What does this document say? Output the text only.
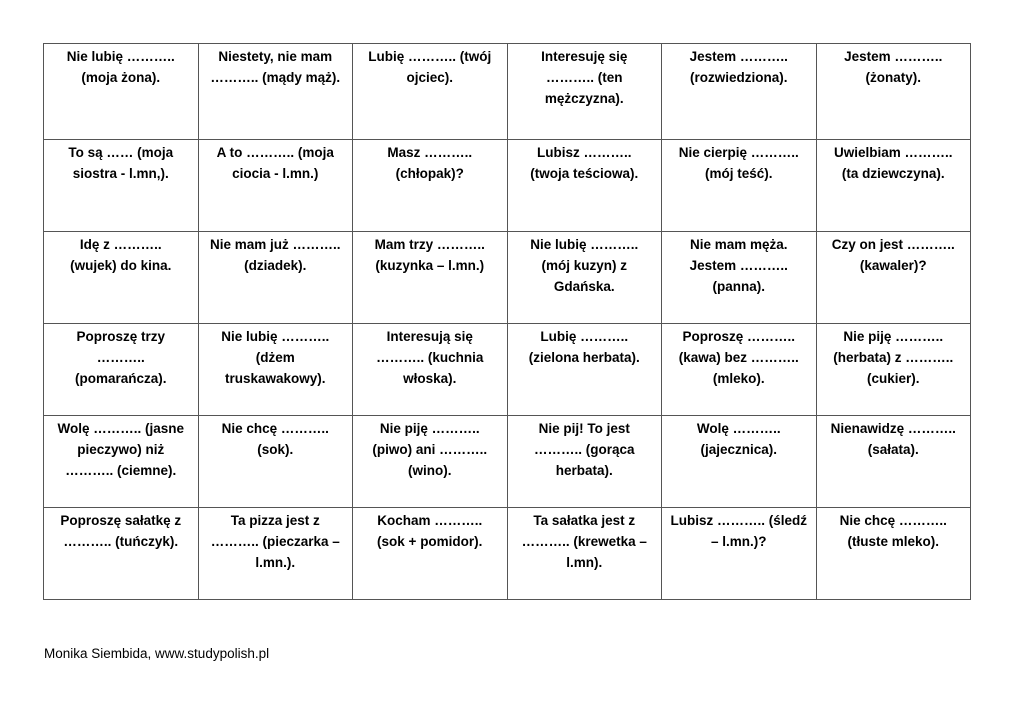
Nie lubię ………..
(moja żona).	Niestety, nie mam
……….. (mądy mąż).	Lubię ……….. (twój
ojciec).	Interesuję się
……….. (ten
mężczyzna).	Jestem ………..
(rozwiedziona).	Jestem ………..
(żonaty).

To są …… (moja
siostra - l.mn,).	A to ……….. (moja
ciocia - l.mn.)	Masz ………..
(chłopak)?	Lubisz ………..
(twoja teściowa).	Nie cierpię ………..
(mój teść).	Uwielbiam ………..
(ta dziewczyna).

Idę z ………..
(wujek) do kina.	Nie mam już ………..
(dziadek).	Mam trzy ………..
(kuzynka – l.mn.)	Nie lubię ………..
(mój kuzyn) z
Gdańska.	Nie mam męża.
Jestem ………..
(panna).	Czy on jest ………..
(kawaler)?

Poproszę trzy
………..
(pomarańcza).	Nie lubię ………..
(dżem
truskawakowy).	Interesują się
……….. (kuchnia
włoska).	Lubię ………..
(zielona herbata).	Poproszę ………..
(kawa) bez ………..
(mleko).	Nie piję ………..
(herbata) z ………..
(cukier).

Wolę ……….. (jasne
pieczywo) niż
……….. (ciemne).	Nie chcę ………..
(sok).	Nie piję ………..
(piwo) ani ………..
(wino).	Nie pij! To jest
……….. (gorąca
herbata).	Wolę ………..
(jajecznica).	Nienawidzę ………..
(sałata).

Poproszę sałatkę z
……….. (tuńczyk).	Ta pizza jest z
……….. (pieczarka –
l.mn.).	Kocham ………..
(sok + pomidor).	Ta sałatka jest z
……….. (krewetka –
l.mn).	Lubisz ……….. (śledź
– l.mn.)?	Nie chcę ………..
(tłuste mleko).
Monika Siembida, www.studypolish.pl
